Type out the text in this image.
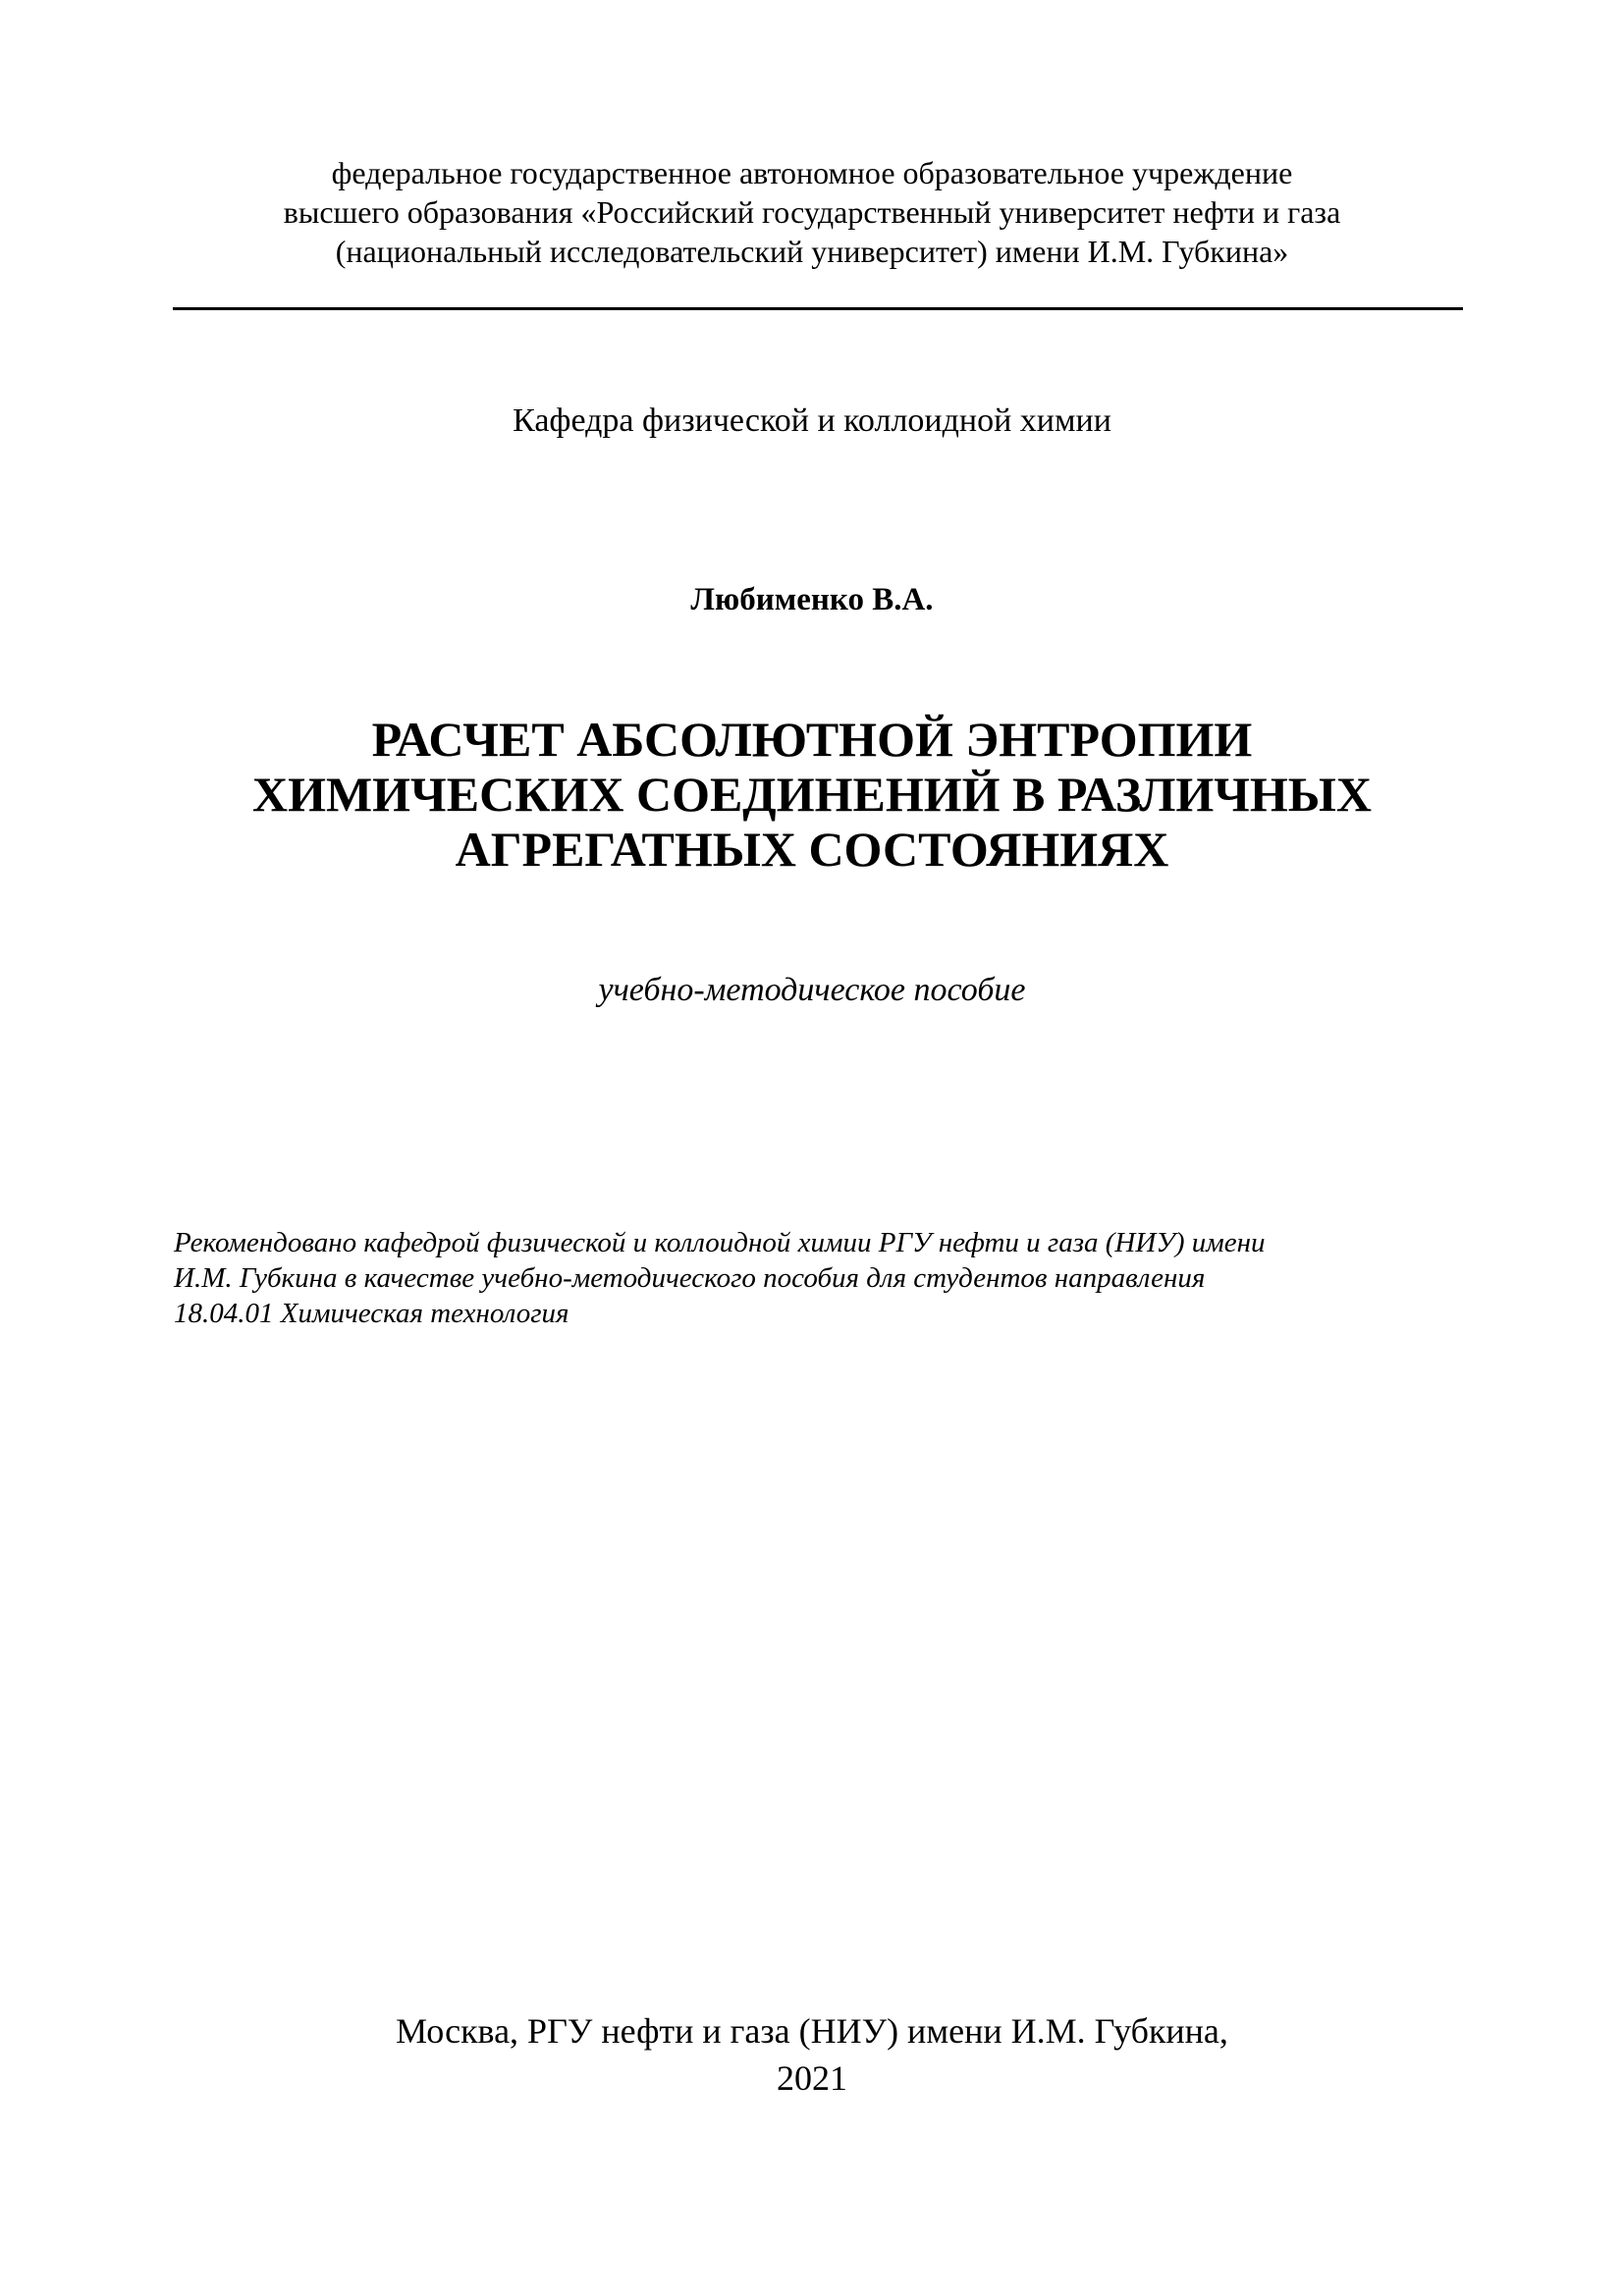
федеральное государственное автономное образовательное учреждение
высшего образования «Российский государственный университет нефти и газа
(национальный исследовательский университет) имени И.М. Губкина»
Кафедра физической и коллоидной химии
Любименко В.А.
РАСЧЕТ АБСОЛЮТНОЙ ЭНТРОПИИ
ХИМИЧЕСКИХ СОЕДИНЕНИЙ В РАЗЛИЧНЫХ
АГРЕГАТНЫХ СОСТОЯНИЯХ
учебно-методическое пособие
Рекомендовано кафедрой физической и коллоидной химии РГУ нефти и газа (НИУ) имени
И.М. Губкина в качестве учебно-методического пособия для студентов направления
18.04.01 Химическая технология
Москва, РГУ нефти и газа (НИУ) имени И.М. Губкина,
2021
